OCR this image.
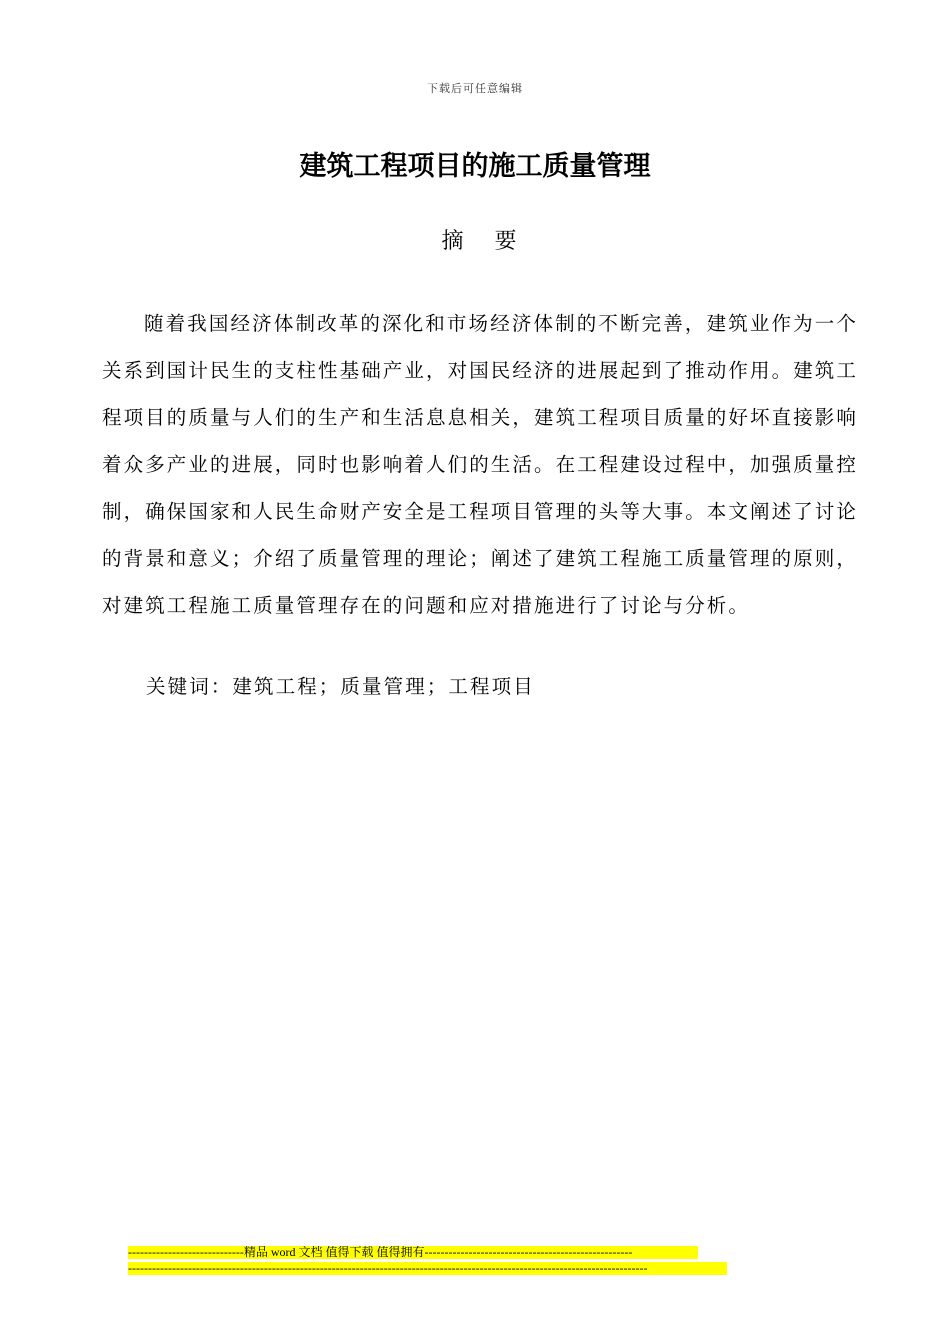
下载后可任意编辑
建筑工程项目的施工质量管理
摘 要

随着我国经济体制改革的深化和市场经济体制的不断完善，建筑业作为一个关系到国计民生的支柱性基础产业，对国民经济的进展起到了推动作用。建筑工程项目的质量与人们的生产和生活息息相关，建筑工程项目质量的好坏直接影响着众多产业的进展，同时也影响着人们的生活。在工程建设过程中，加强质量控制，确保国家和人民生命财产安全是工程项目管理的头等大事。本文阐述了讨论的背景和意义；介绍了质量管理的理论；阐述了建筑工程施工质量管理的原则，对建筑工程施工质量管理存在的问题和应对措施进行了讨论与分析。

关键词：建筑工程；质量管理；工程项目

-----------------------------精品 word 文档 值得下载 值得拥有----------------------------------------------------
----------------------------------------------------------------------------------------------------------------------------------
